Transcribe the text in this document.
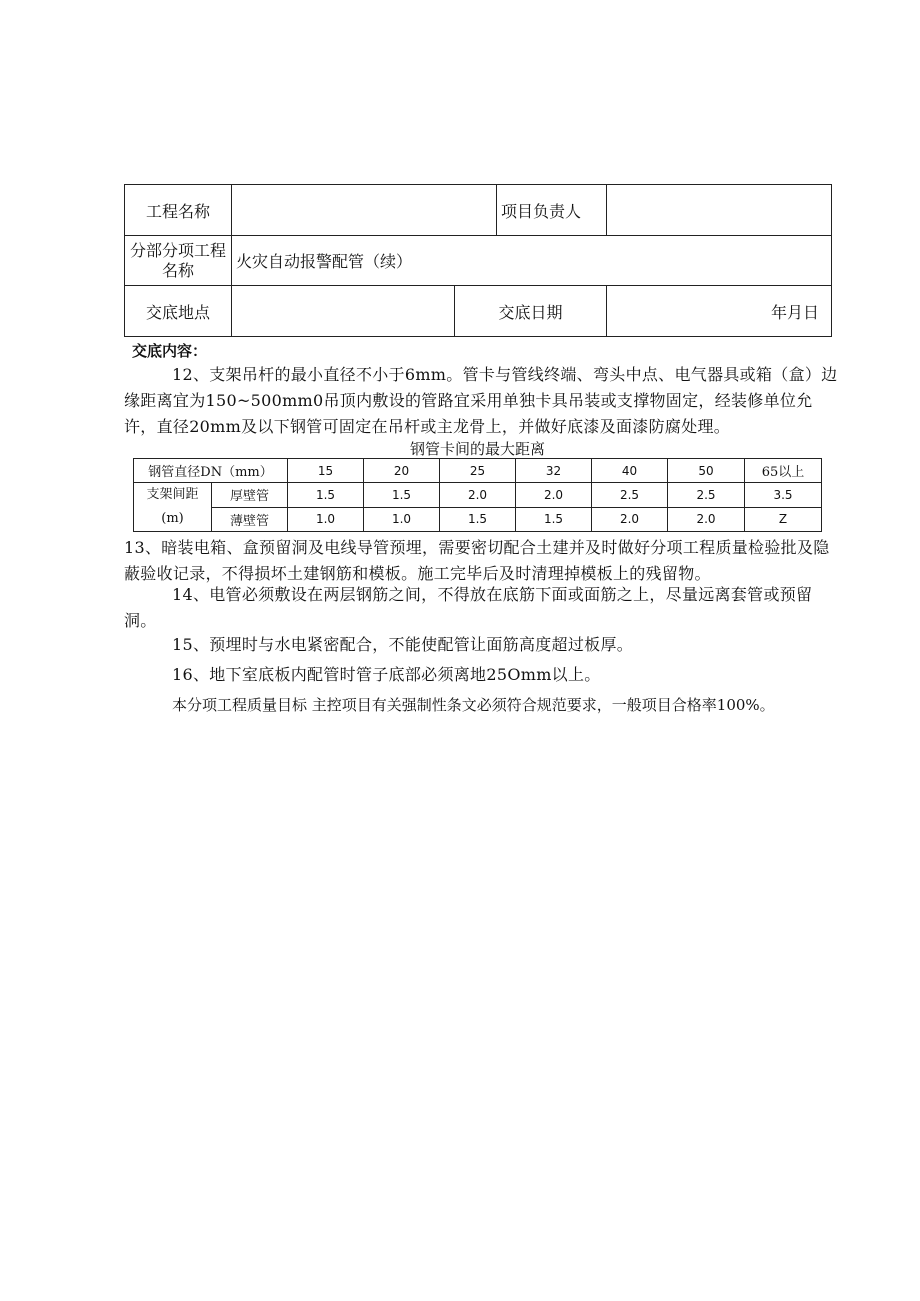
工程名称			项目负责人	
分部分项工程
名称	火灾自动报警配管（续）			
交底地点		交底日期		年月日
交底内容：

12、支架吊杆的最小直径不小于6mm。管卡与管线终端、弯头中点、电气器具或箱（盒）边缘距离宜为150~500mm0吊顶内敷设的管路宜采用单独卡具吊装或支撑物固定，经装修单位允许，直径20mm及以下钢管可固定在吊杆或主龙骨上，并做好底漆及面漆防腐处理。

钢管卡间的最大距离
钢管直径DN（mm）		15	20	25	32	40	50	65以上
支架间距
(m)	厚壁管	1.5	1.5	2.0	2.0	2.5	2.5	3.5
	薄壁管	1.0	1.0	1.5	1.5	2.0	2.0	Z

13、暗装电箱、盒预留洞及电线导管预埋，需要密切配合土建并及时做好分项工程质量检验批及隐蔽验收记录，不得损坏土建钢筋和模板。施工完毕后及时清理掉模板上的残留物。

14、电管必须敷设在两层钢筋之间，不得放在底筋下面或面筋之上，尽量远离套管或预留洞。

15、预埋时与水电紧密配合，不能使配管让面筋高度超过板厚。

16、地下室底板内配管时管子底部必须离地25Omm以上。

本分项工程质量目标 主控项目有关强制性条文必须符合规范要求，一般项目合格率100%。
